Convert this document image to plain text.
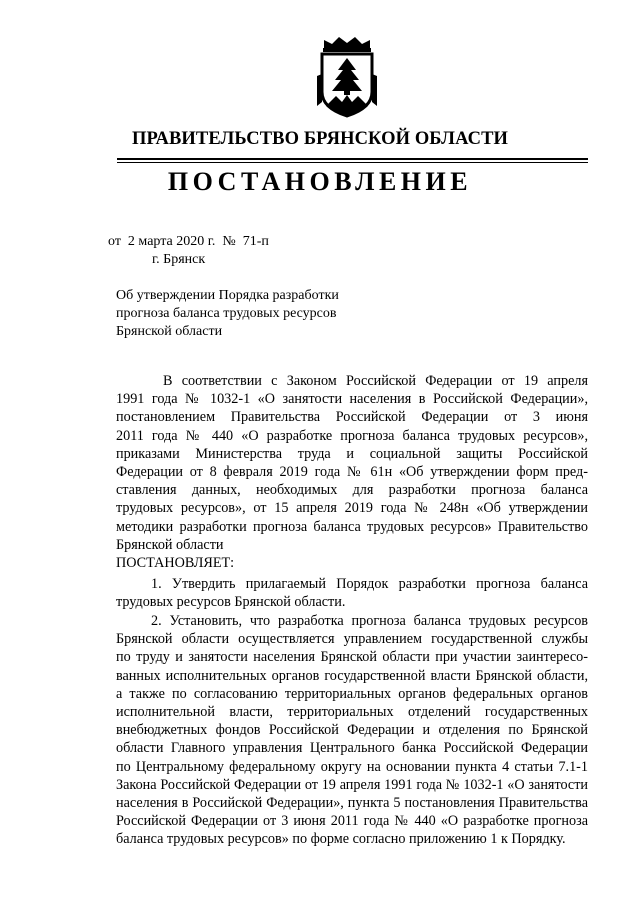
ПРАВИТЕЛЬСТВО БРЯНСКОЙ ОБЛАСТИ
ПОСТАНОВЛЕНИЕ
от  2 марта 2020 г.  №  71-п
г. Брянск
Об утверждении Порядка разработки
прогноза баланса трудовых ресурсов
Брянской области
В соответствии с Законом Российской Федерации от 19 апреля
1991 года № 1032-1 «О занятости населения в Российской Федерации»,
постановлением Правительства Российской Федерации от 3 июня
2011 года № 440 «О разработке прогноза баланса трудовых ресурсов»,
приказами Министерства труда и социальной защиты Российской
Федерации от 8 февраля 2019 года № 61н «Об утверждении форм пред-
ставления данных, необходимых для разработки прогноза баланса
трудовых ресурсов», от 15 апреля 2019 года № 248н «Об утверждении
методики разработки прогноза баланса трудовых ресурсов» Правительство
Брянской области
ПОСТАНОВЛЯЕТ:
1. Утвердить прилагаемый Порядок разработки прогноза баланса
трудовых ресурсов Брянской области.
2. Установить, что разработка прогноза баланса трудовых ресурсов
Брянской области осуществляется управлением государственной службы
по труду и занятости населения Брянской области при участии заинтересо-
ванных исполнительных органов государственной власти Брянской области,
а также по согласованию территориальных органов федеральных органов
исполнительной власти, территориальных отделений государственных
внебюджетных фондов Российской Федерации и отделения по Брянской
области Главного управления Центрального банка Российской Федерации
по Центральному федеральному округу на основании пункта 4 статьи 7.1-1
Закона Российской Федерации от 19 апреля 1991 года № 1032-1 «О занятости
населения в Российской Федерации», пункта 5 постановления Правительства
Российской Федерации от 3 июня 2011 года № 440 «О разработке прогноза
баланса трудовых ресурсов» по форме согласно приложению 1 к Порядку.
